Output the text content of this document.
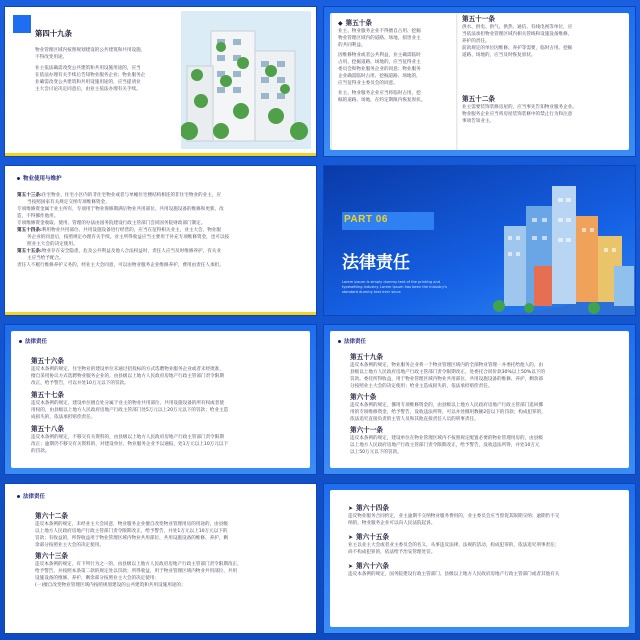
第四十九条
物业管理区域内按照规划建设的公共建筑和共用设施，
不得改变用途。
业主依法确需改变公共建筑和共用设施用途的，应当
在依法办理有关手续后告知物业服务企业；物业服务企
业确需改变公共建筑和共用设施用途的，应当提请业
主大会讨论决定同意后，由业主依法办理有关手续。
◆ 第五十条
业主、物业服务企业不得擅自占用、挖掘
物业管理区域内的道路、场地，损害业主
的共同利益。
因维修物业或者公共利益，业主确需临时
占用、挖掘道路、场地的，应当征得业主
委员会和物业服务企业的同意；物业服务
企业确需临时占用、挖掘道路、场地的，
应当征得业主委员会的同意。
业主、物业服务企业应当将临时占用、挖
掘的道路、场地，在约定期限内恢复原状。
第五十一条
供水、供电、供气、供热、通信、有线电视等单位，应
当依法承担物业管理区域内相关管线和设施设备维修、
养护的责任。
前款规定的单位因维修、养护等需要，临时占用、挖掘
道路、场地的，应当及时恢复原状。
第五十二条
业主需要装饰装修房屋的，应当事先告知物业服务企业。
物业服务企业应当将房屋装饰装修中的禁止行为和注意
事项告知业主。
物业使用与维护
第五十三条:住宅物业、住宅小区内的非住宅物业或者与单幢住宅楼结构相连的非住宅物业的业主，应
当按照国家有关规定交纳专项维修资金。
专项维修资金属于业主所有，专项用于物业保修期满后物业共用部位、共用设施设备的维修和更新、改
造，不得挪作他用。
专项维修资金收取、使用、管理的办法由国务院建设行政主管部门会同国务院财政部门制定。
第五十四条:利用物业共用部位、共用设施设备进行经营的，应当在征得相关业主、业主大会、物业服
务企业的同意后，按照规定办理有关手续。业主所得收益应当主要用于补充专项维修资金，也可以按
照业主大会的决定使用。
第五十五条:物业存在安全隐患，危及公共利益及他人合法权益时，责任人应当及时维修养护，有关业
主应当给予配合。
责任人不履行维修养护义务的，经业主大会同意，可以由物业服务企业维修养护，费用由责任人承担。
PART 06
法律责任
Lorem ipsum is simply dummy text of the printing and
typesetting industry. Lorem Ipsum has been the industry's
standard dummy text ever since
法律责任
第五十六条
违反本条例的规定，住宅物业的建设单位未通过招投标的方式选聘物业服务企业或者未经批准，
擅自采用协议方式选聘物业服务企业的，由县级以上地方人民政府房地产行政主管部门责令限期
改正，给予警告，可以并处10万元以下的罚款。
第五十七条
违反本条例的规定，建设单位擅自处分属于业主的物业共用部位、共用设施设备的所有权或者使
用权的，由县级以上地方人民政府房地产行政主管部门处5万元以上20万元以下的罚款；给业主造
成损失的，依法承担赔偿责任。
第五十八条
违反本条例的规定，不移交有关资料的，由县级以上地方人民政府房地产行政主管部门责令限期
改正；逾期仍不移交有关资料的，对建设单位、物业服务企业予以通报，处1万元以上10万元以下
的罚款。
法律责任
第五十九条
违反本条例的规定，物业服务企业将一个物业管理区域内的全部物业管理一并委托给他人的，由
县级以上地方人民政府房地产行政主管部门责令限期改正，处委托合同价款30%以上50%以下的
罚款。委托所得收益，用于物业管理区域内物业共用部位、共用设施设备的维修、养护，剩余部
分按照业主大会的决定使用；给业主造成损失的，依法承担赔偿责任。
第六十条
违反本条例的规定，挪用专项维修资金的，由县级以上地方人民政府房地产行政主管部门追回挪
用的专项维修资金，给予警告，没收违法所得，可以并处挪用数额2倍以下的罚款；构成犯罪的，
依法追究直接负责的主管人员和其他直接责任人员的刑事责任。
第六十一条
违反本条例的规定，建设单位在物业管理区域内不按照规定配置必要的物业管理用房的，由县级
以上地方人民政府房地产行政主管部门责令限期改正，给予警告，没收违法所得，并处10万元
以上50万元以下的罚款。
法律责任
第六十二条
违反本条例的规定，未经业主大会同意，物业服务企业擅自改变物业管理用房的用途的，由县级
以上地方人民政府房地产行政主管部门责令限期改正，给予警告，并处1万元以上10万元以下的
罚款；有收益的，所得收益用于物业管理区域内物业共用部位、共用设施设备的维修、养护，剩
余部分按照业主大会的决定使用。
第六十三条
违反本条例的规定，有下列行为之一的，由县级以上地方人民政府房地产行政主管部门责令限期改正，
给予警告，并按照本条第二款的规定处以罚款；所得收益，用于物业管理区域内物业共用部位、共用
设施设备的维修、养护，剩余部分按照业主大会的决定使用：
(一)擅自改变物业管理区域内按照规划建设的公共建筑和共用设施用途的；
➤ 第六十四条
违反物业服务合同约定，业主逾期不交纳物业服务费用的，业主委员会应当督促其限期交纳；逾期仍不交
纳的，物业服务企业可以向人民法院起诉。
➤ 第六十五条
业主以业主大会或者业主委员会的名义，从事违反法律、法规的活动，构成犯罪的，依法追究刑事责任；
尚不构成犯罪的，依法给予治安管理处罚。
➤ 第六十六条
违反本条例的规定，国务院建设行政主管部门、县级以上地方人民政府房地产行政主管部门或者其他有关
